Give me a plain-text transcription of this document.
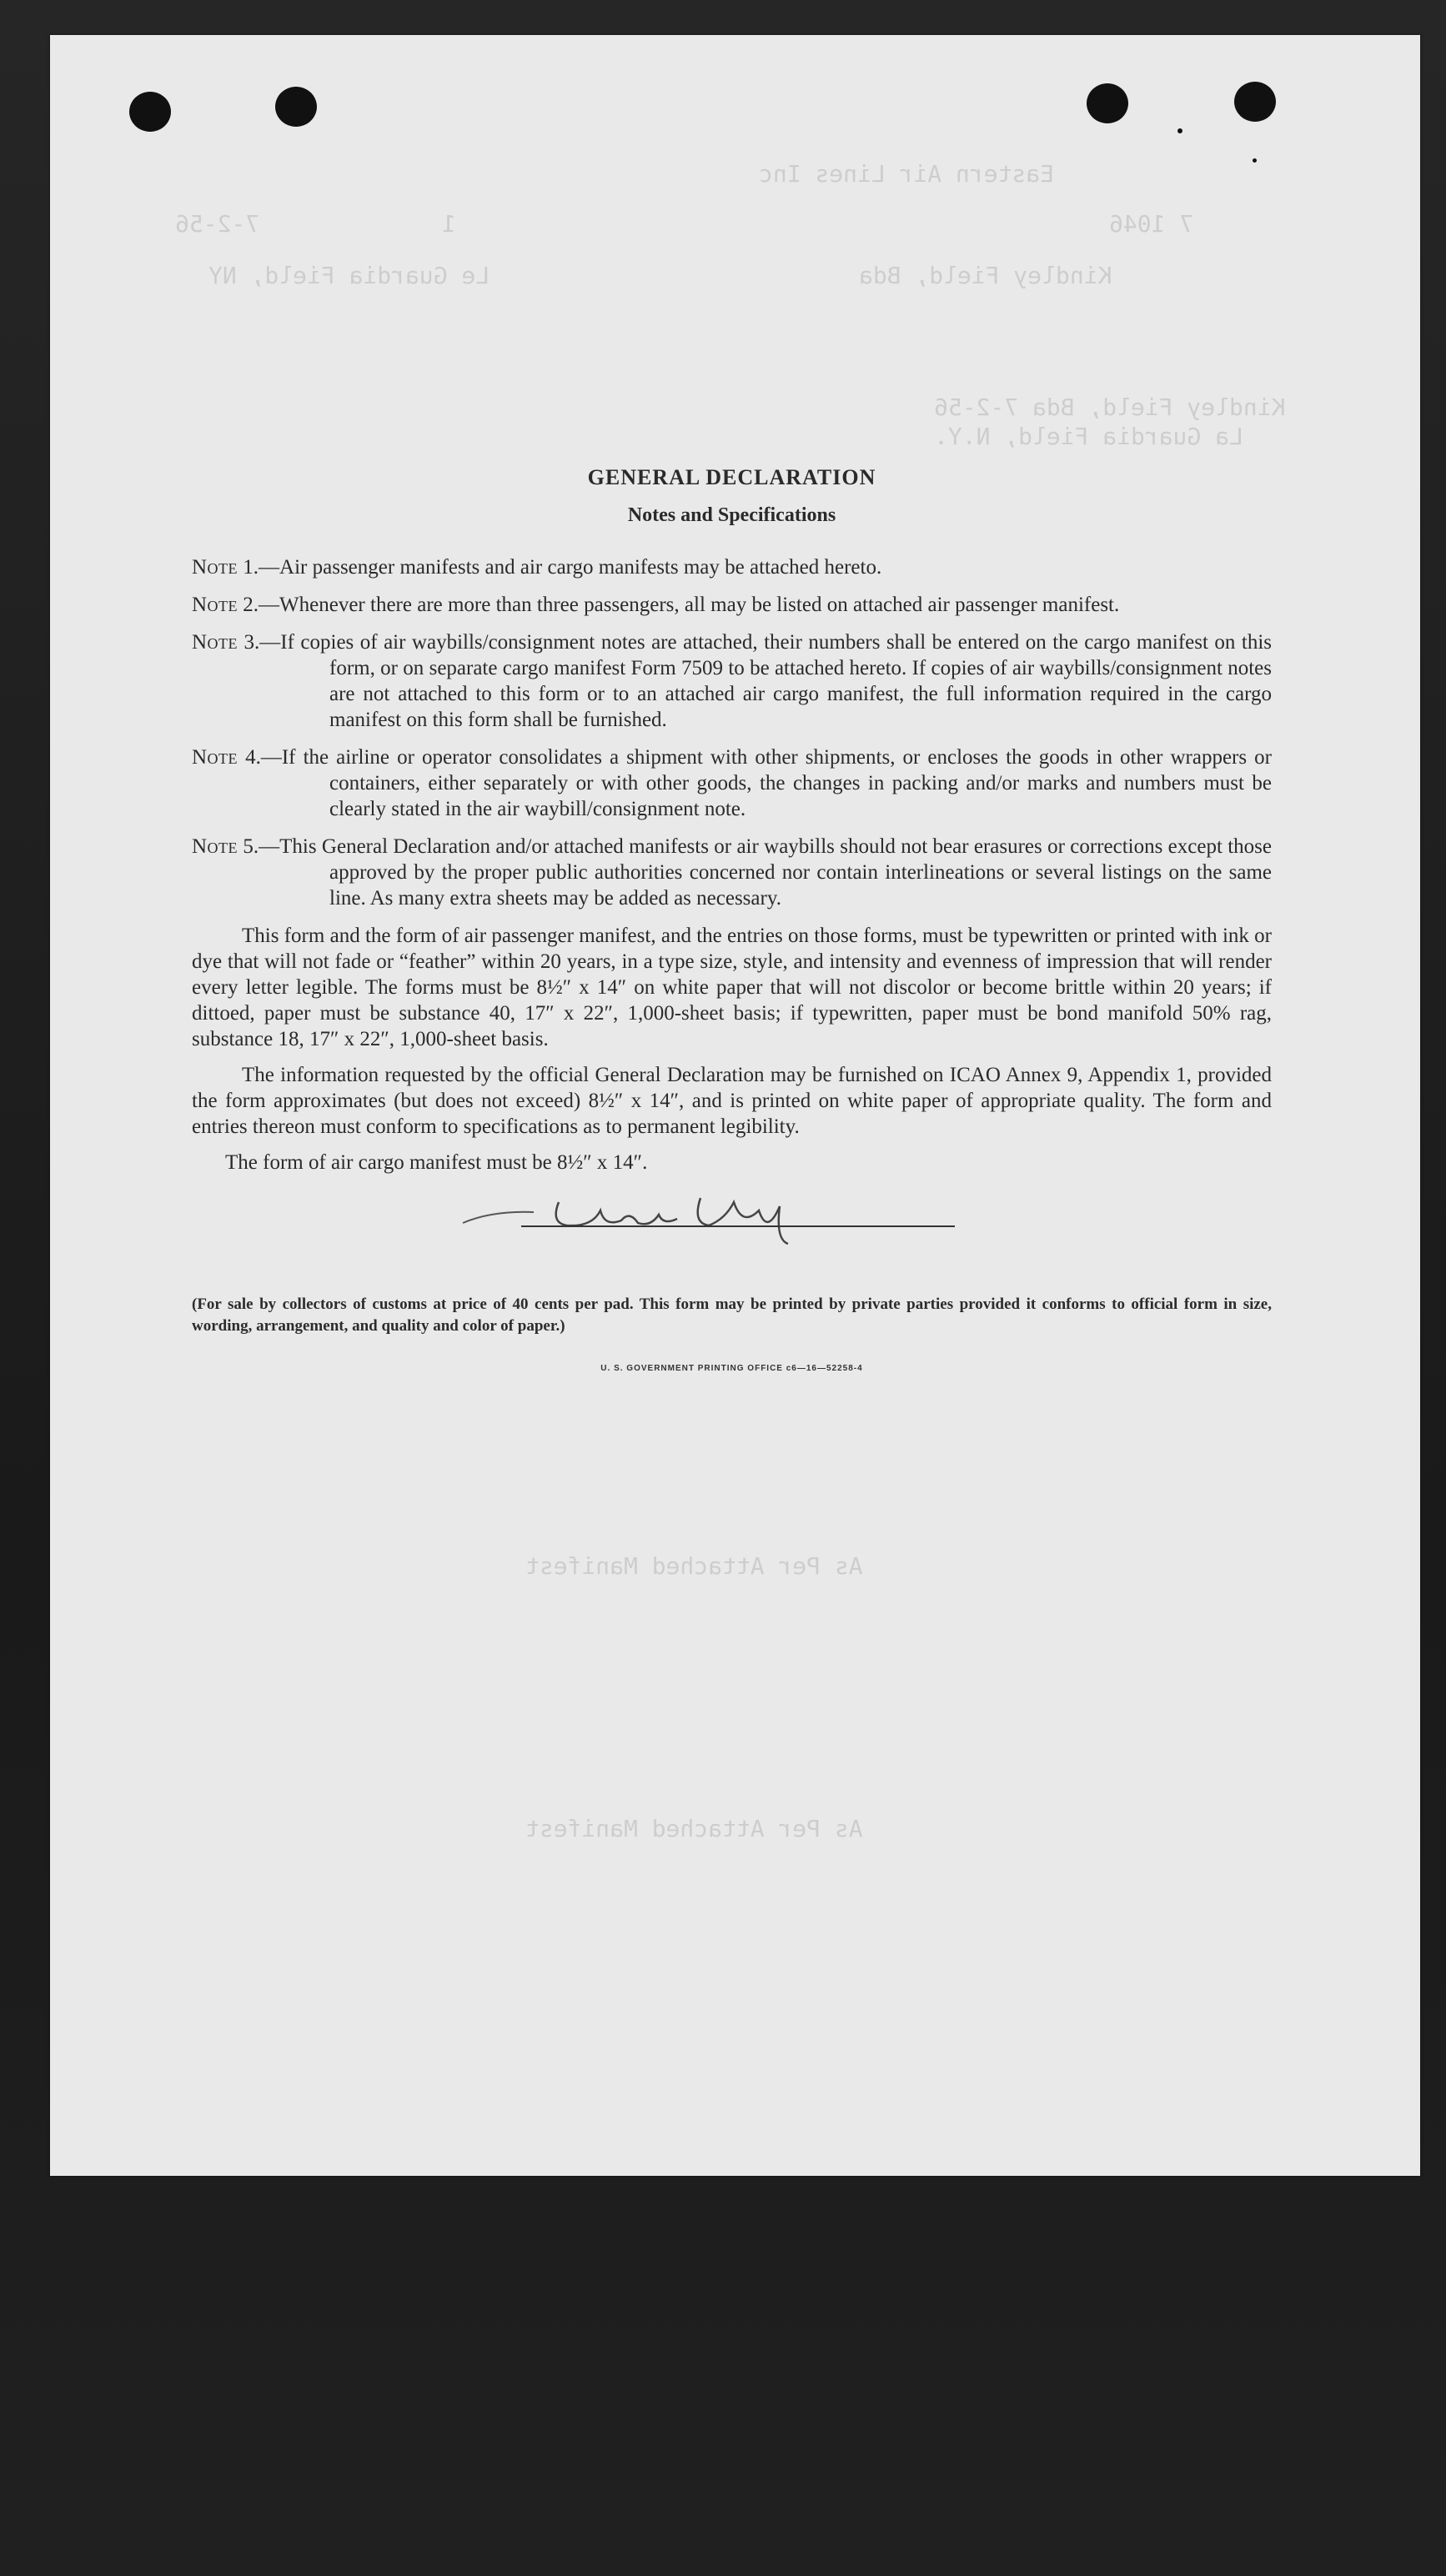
Eastern Air Lines Inc
7 1046
1
7-2-56
Le Guardia Field, NY	Kindley Field, Bda
Kindley Field, Bda 7-2-56
La Guardia Field, N.Y.
As Per Attached Manifest
As Per Attached Manifest
GENERAL DECLARATION
Notes and Specifications
Note 1.— Air passenger manifests and air cargo manifests may be attached hereto.
Note 2.— Whenever there are more than three passengers, all may be listed on attached air passenger manifest.
Note 3.—If copies of air waybills/consignment notes are attached, their numbers shall be entered on the cargo manifest on this form, or on separate cargo manifest Form 7509 to be attached hereto. If copies of air waybills/consignment notes are not attached to this form or to an attached air cargo manifest, the full information required in the cargo manifest on this form shall be furnished.
Note 4.—If the airline or operator consolidates a shipment with other shipments, or encloses the goods in other wrappers or containers, either separately or with other goods, the changes in packing and/or marks and numbers must be clearly stated in the air waybill/consignment note.
Note 5.—This General Declaration and/or attached manifests or air waybills should not bear erasures or corrections except those approved by the proper public authorities concerned nor contain interlineations or several listings on the same line. As many extra sheets may be added as necessary.

This form and the form of air passenger manifest, and the entries on those forms, must be typewritten or printed with ink or dye that will not fade or “feather” within 20 years, in a type size, style, and intensity and evenness of impression that will render every letter legible. The forms must be 8½″ x 14″ on white paper that will not discolor or become brittle within 20 years; if dittoed, paper must be substance 40, 17″ x 22″, 1,000-sheet basis; if typewritten, paper must be bond manifold 50% rag, substance 18, 17″ x 22″, 1,000-sheet basis.

The information requested by the official General Declaration may be furnished on ICAO Annex 9, Appendix 1, provided the form approximates (but does not exceed) 8½″ x 14″, and is printed on white paper of appropriate quality. The form and entries thereon must conform to specifications as to permanent legibility.

The form of air cargo manifest must be 8½″ x 14″.

(For sale by collectors of customs at price of 40 cents per pad. This form may be printed by private parties provided it conforms to official form in size, wording, arrangement, and quality and color of paper.)

U. S. GOVERNMENT PRINTING OFFICE c6—16—52258-4
